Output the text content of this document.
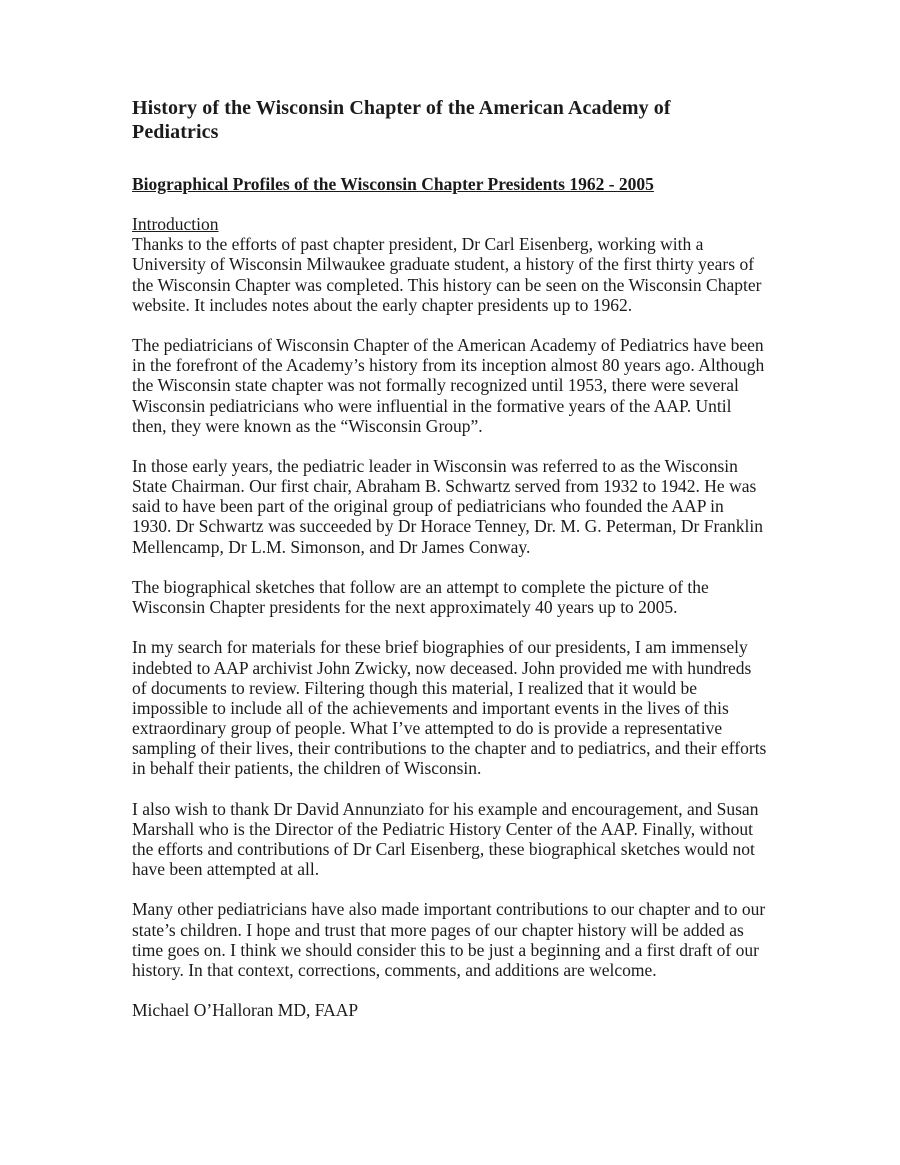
History of the Wisconsin Chapter of the American Academy of Pediatrics
Biographical Profiles of the Wisconsin Chapter Presidents 1962 - 2005
Introduction

Thanks to the efforts of past chapter president, Dr Carl Eisenberg, working with a University of Wisconsin Milwaukee graduate student, a history of the first thirty years of the Wisconsin Chapter was completed. This history can be seen on the Wisconsin Chapter website. It includes notes about the early chapter presidents up to 1962.

The pediatricians of Wisconsin Chapter of the American Academy of Pediatrics have been in the forefront of the Academy’s history from its inception almost 80 years ago. Although the Wisconsin state chapter was not formally recognized until 1953, there were several Wisconsin pediatricians who were influential in the formative years of the AAP. Until then, they were known as the “Wisconsin Group”.

In those early years, the pediatric leader in Wisconsin was referred to as the Wisconsin State Chairman. Our first chair, Abraham B. Schwartz served from 1932 to 1942. He was said to have been part of the original group of pediatricians who founded the AAP in 1930. Dr Schwartz was succeeded by Dr Horace Tenney, Dr. M. G. Peterman, Dr Franklin Mellencamp, Dr L.M. Simonson, and Dr James Conway.

The biographical sketches that follow are an attempt to complete the picture of the Wisconsin Chapter presidents for the next approximately 40 years up to 2005.

In my search for materials for these brief biographies of our presidents, I am immensely indebted to AAP archivist John Zwicky, now deceased. John provided me with hundreds of documents to review. Filtering though this material, I realized that it would be impossible to include all of the achievements and important events in the lives of this extraordinary group of people. What I’ve attempted to do is provide a representative sampling of their lives, their contributions to the chapter and to pediatrics, and their efforts in behalf their patients, the children of Wisconsin.

I also wish to thank Dr David Annunziato for his example and encouragement, and Susan Marshall who is the Director of the Pediatric History Center of the AAP. Finally, without the efforts and contributions of Dr Carl Eisenberg, these biographical sketches would not have been attempted at all.

Many other pediatricians have also made important contributions to our chapter and to our state’s children. I hope and trust that more pages of our chapter history will be added as time goes on. I think we should consider this to be just a beginning and a first draft of our history. In that context, corrections, comments, and additions are welcome.

Michael O’Halloran MD, FAAP
